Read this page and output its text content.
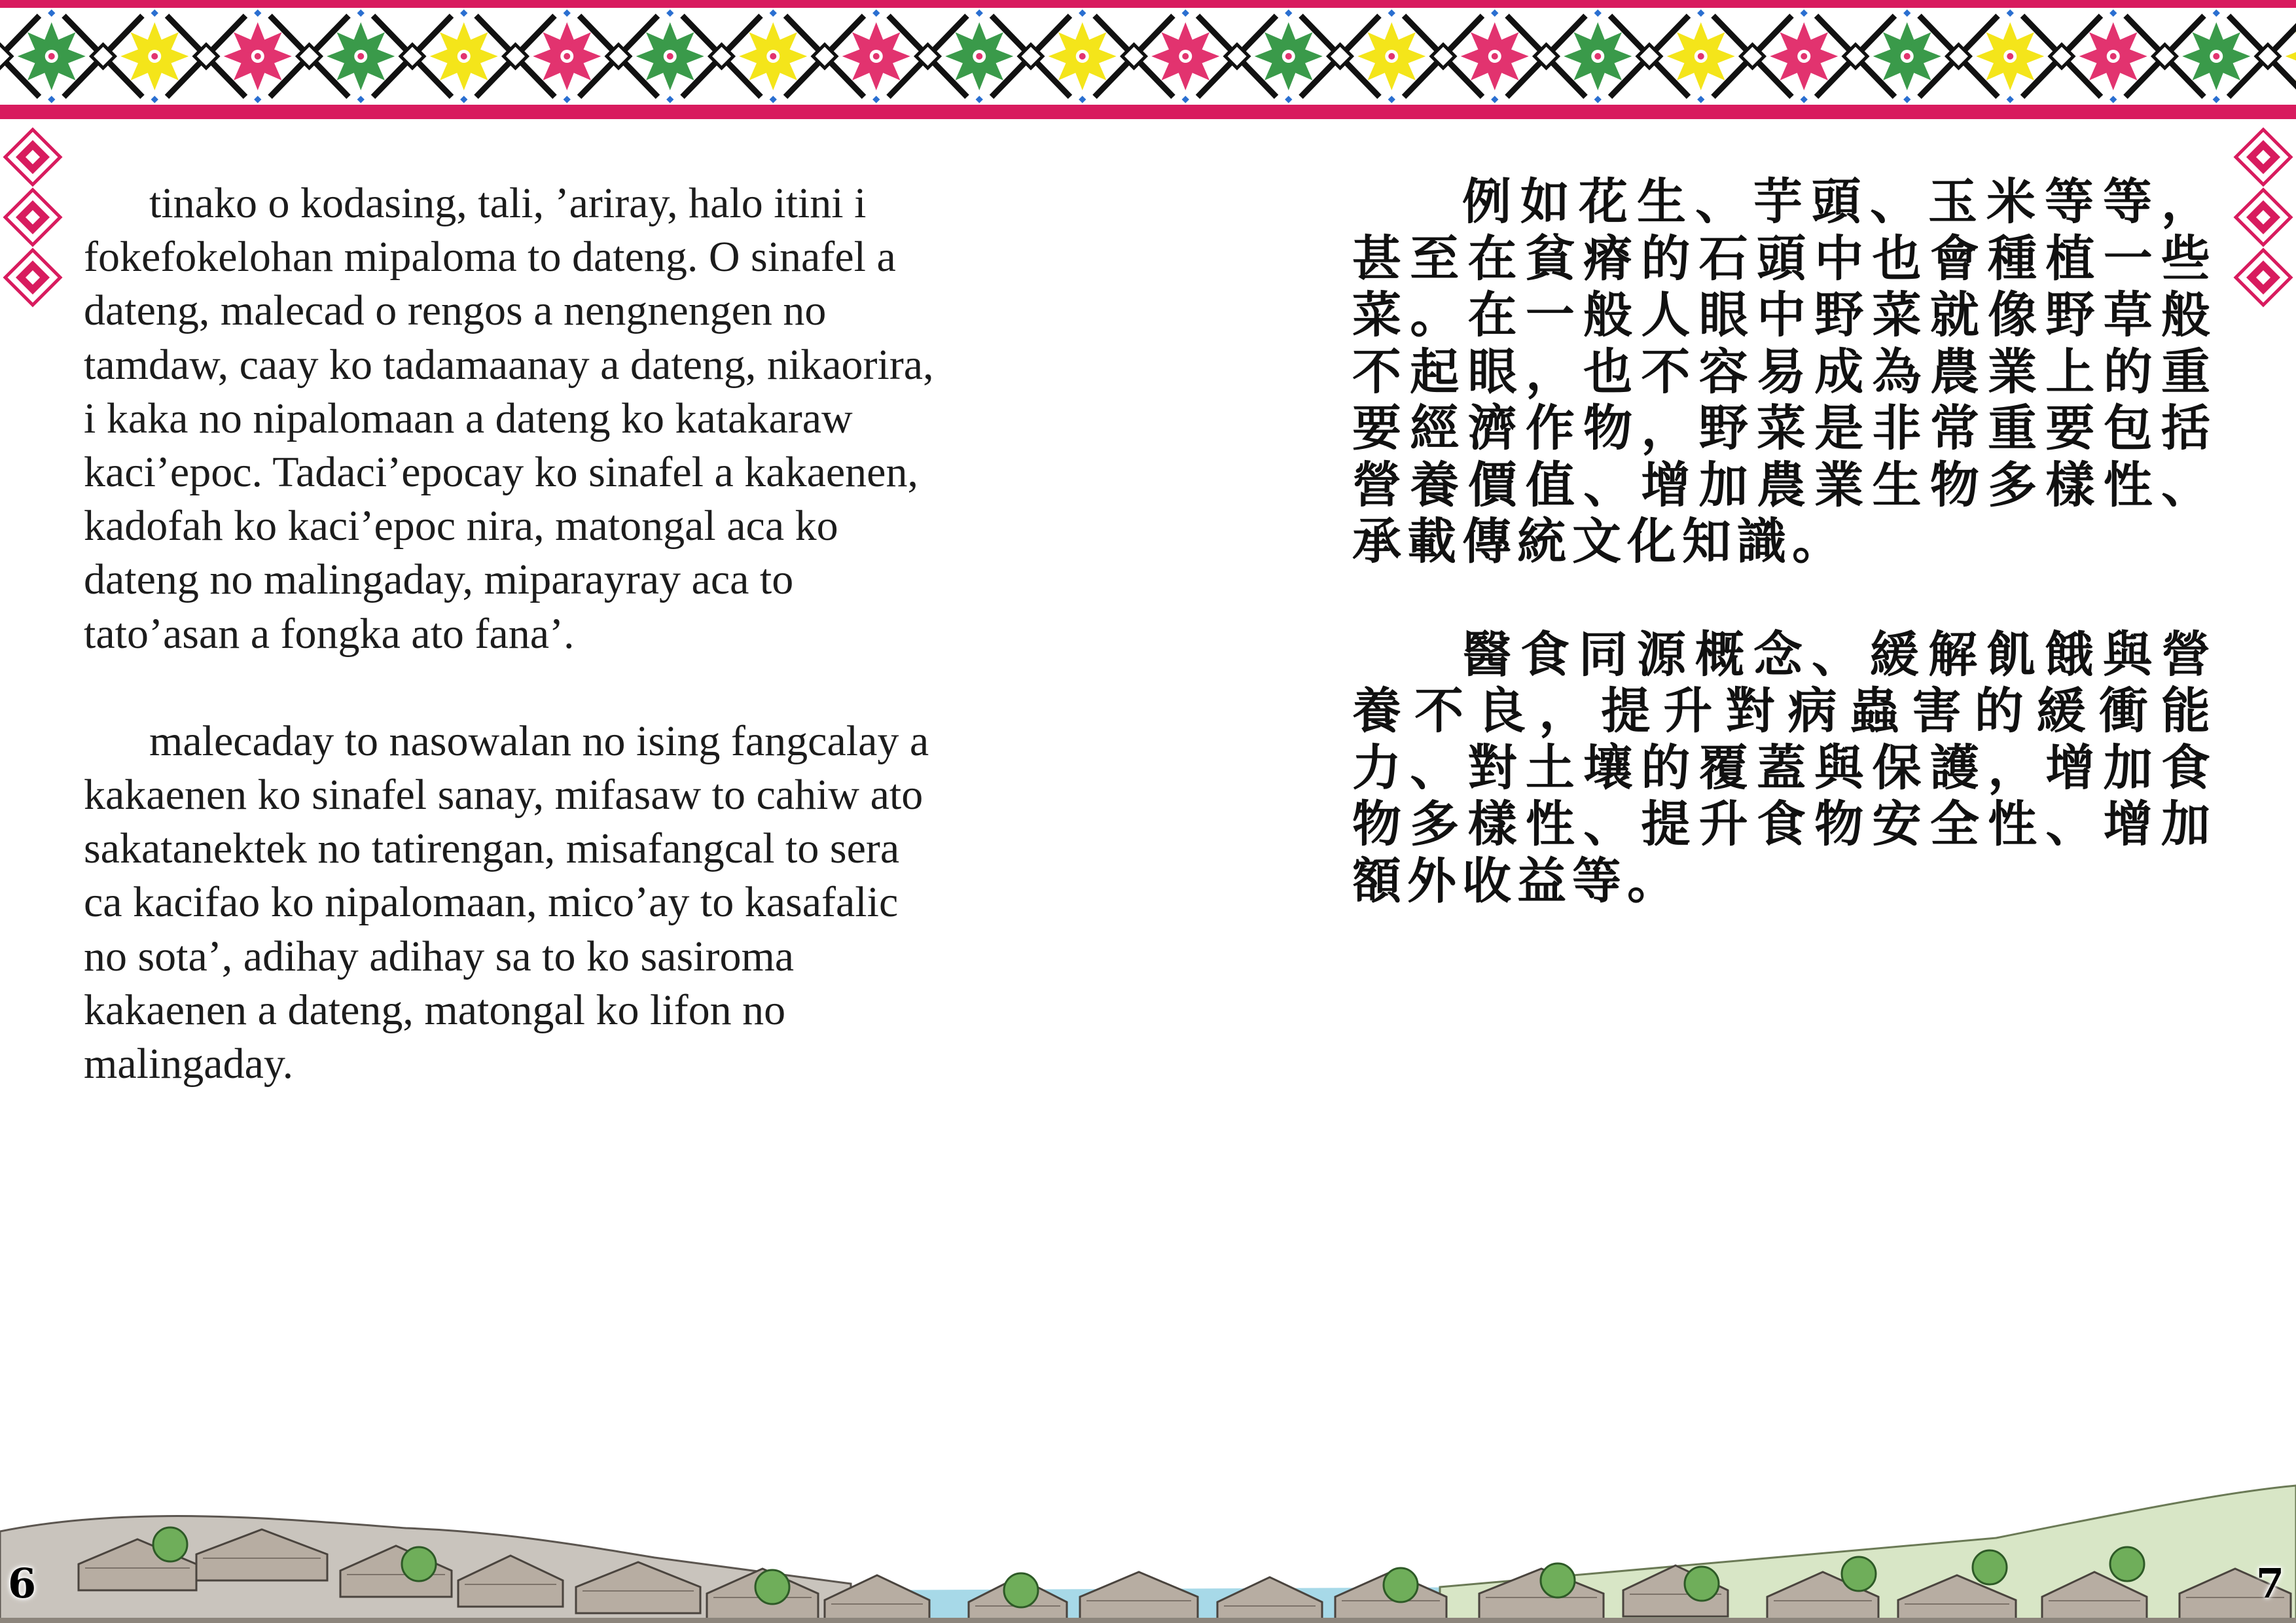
tinako o kodasing, tali, ’ariray, halo itini i fokefokelohan mipaloma to dateng. O sinafel a dateng, malecad o rengos a nengnengen no tamdaw, caay ko tadamaanay a dateng, nikaorira, i kaka no nipalomaan a dateng ko katakaraw kaci’epoc. Tadaci’epocay ko sinafel a kakaenen, kadofah ko kaci’epoc nira, matongal aca ko dateng no malingaday, miparayray aca to tato’asan a fongka ato fana’.

malecaday to nasowalan no ising fangcalay a kakaenen ko sinafel sanay, mifasaw to cahiw ato sakatanektek no tatirengan, misafangcal to sera ca kacifao ko nipalomaan, mico’ay to kasafalic no sota’, adihay adihay sa to ko sasiroma kakaenen a dateng, matongal ko lifon no malingaday.

例如花生、芋頭、玉米等等，甚至在貧瘠的石頭中也會種植一些菜。在一般人眼中野菜就像野草般不起眼，也不容易成為農業上的重要經濟作物，野菜是非常重要包括營養價值、增加農業生物多樣性、承載傳統文化知識。

醫食同源概念、緩解飢餓與營養不良，提升對病蟲害的緩衝能力、對土壤的覆蓋與保護，增加食物多樣性、提升食物安全性、增加額外收益等。

6	7
